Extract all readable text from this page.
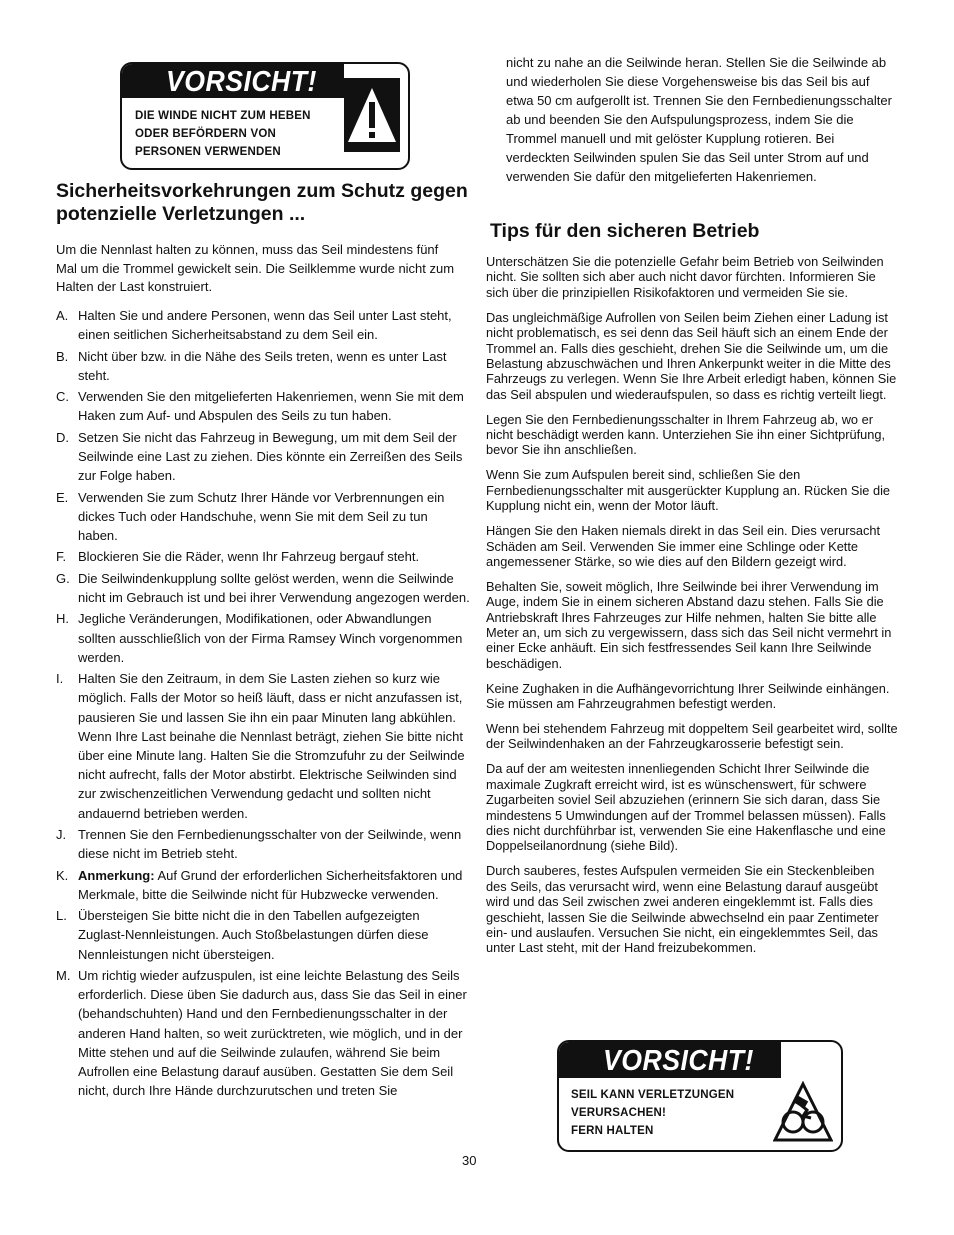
VORSICHT!
DIE WINDE NICHT ZUM HEBEN
ODER BEFÖRDERN VON
PERSONEN VERWENDEN
Sicherheitsvorkehrungen zum Schutz gegen
potenzielle Verletzungen ...

Um die Nennlast halten zu können, muss das Seil mindestens fünf Mal um die Trommel gewickelt sein. Die Seilklemme wurde nicht zum Halten der Last konstruiert.

A. Halten Sie und andere Personen, wenn das Seil unter Last steht, einen seitlichen Sicherheitsabstand zu dem Seil ein.
B. Nicht über bzw. in die Nähe des Seils treten, wenn es unter Last steht.
C. Verwenden Sie den mitgelieferten Hakenriemen, wenn Sie mit dem Haken zum Auf- und Abspulen des Seils zu tun haben.
D. Setzen Sie nicht das Fahrzeug in Bewegung, um mit dem Seil der Seilwinde eine Last zu ziehen. Dies könnte ein Zerreißen des Seils zur Folge haben.
E. Verwenden Sie zum Schutz Ihrer Hände vor Verbrennungen ein dickes Tuch oder Handschuhe, wenn Sie mit dem Seil zu tun haben.
F. Blockieren Sie die Räder, wenn Ihr Fahrzeug bergauf steht.
G. Die Seilwindenkupplung sollte gelöst werden, wenn die Seilwinde nicht im Gebrauch ist und bei ihrer Verwendung angezogen werden.
H. Jegliche Veränderungen, Modifikationen, oder Abwandlungen sollten ausschließlich von der Firma Ramsey Winch vorgenommen werden.
I. Halten Sie den Zeitraum, in dem Sie Lasten ziehen so kurz wie möglich. Falls der Motor so heiß läuft, dass er nicht anzufassen ist, pausieren Sie und lassen Sie ihn ein paar Minuten lang abkühlen. Wenn Ihre Last beinahe die Nennlast beträgt, ziehen Sie bitte nicht über eine Minute lang. Halten Sie die Stromzufuhr zu der Seilwinde nicht aufrecht, falls der Motor abstirbt. Elektrische Seilwinden sind zur zwischenzeitlichen Verwendung gedacht und sollten nicht andauernd betrieben werden.
J. Trennen Sie den Fernbedienungsschalter von der Seilwinde, wenn diese nicht im Betrieb steht.
K. Anmerkung: Auf Grund der erforderlichen Sicherheitsfaktoren und Merkmale, bitte die Seilwinde nicht für Hubzwecke verwenden.
L. Übersteigen Sie bitte nicht die in den Tabellen aufgezeigten Zuglast-Nennleistungen. Auch Stoßbelastungen dürfen diese Nennleistungen nicht übersteigen.
M. Um richtig wieder aufzuspulen, ist eine leichte Belastung des Seils erforderlich. Diese üben Sie dadurch aus, dass Sie das Seil in einer (behandschuhten) Hand und den Fernbedienungsschalter in der anderen Hand halten, so weit zurücktreten, wie möglich, und in der Mitte stehen und auf die Seilwinde zulaufen, während Sie beim Aufrollen eine Belastung darauf ausüben. Gestatten Sie dem Seil nicht, durch Ihre Hände durchzurutschen und treten Sie
nicht zu nahe an die Seilwinde heran. Stellen Sie die Seilwinde ab und wiederholen Sie diese Vorgehensweise bis das Seil bis auf etwa 50 cm aufgerollt ist. Trennen Sie den Fernbedienungsschalter ab und beenden Sie den Aufspulungsprozess, indem Sie die Trommel manuell und mit gelöster Kupplung rotieren. Bei verdeckten Seilwinden spulen Sie das Seil unter Strom auf und verwenden Sie dafür den mitgelieferten Hakenriemen.
Tips für den sicheren Betrieb

Unterschätzen Sie die potenzielle Gefahr beim Betrieb von Seilwinden nicht. Sie sollten sich aber auch nicht davor fürchten. Informieren Sie sich über die prinzipiellen Risikofaktoren und vermeiden Sie sie.

Das ungleichmäßige Aufrollen von Seilen beim Ziehen einer Ladung ist nicht problematisch, es sei denn das Seil häuft sich an einem Ende der Trommel an. Falls dies geschieht, drehen Sie die Seilwinde um, um die Belastung abzuschwächen und Ihren Ankerpunkt weiter in die Mitte des Fahrzeugs zu verlegen. Wenn Sie Ihre Arbeit erledigt haben, können Sie das Seil abspulen und wiederaufspulen, so dass es richtig verteilt liegt.

Legen Sie den Fernbedienungsschalter in Ihrem Fahrzeug ab, wo er nicht beschädigt werden kann. Unterziehen Sie ihn einer Sichtprüfung, bevor Sie ihn anschließen.

Wenn Sie zum Aufspulen bereit sind, schließen Sie den Fernbedienungsschalter mit ausgerückter Kupplung an. Rücken Sie die Kupplung nicht ein, wenn der Motor läuft.

Hängen Sie den Haken niemals direkt in das Seil ein. Dies verursacht Schäden am Seil. Verwenden Sie immer eine Schlinge oder Kette angemessener Stärke, so wie dies auf den Bildern gezeigt wird.

Behalten Sie, soweit möglich, Ihre Seilwinde bei ihrer Verwendung im Auge, indem Sie in einem sicheren Abstand dazu stehen. Falls Sie die Antriebskraft Ihres Fahrzeuges zur Hilfe nehmen, halten Sie bitte alle Meter an, um sich zu vergewissern, dass sich das Seil nicht vermehrt in einer Ecke anhäuft. Ein sich festfressendes Seil kann Ihre Seilwinde beschädigen.

Keine Zughaken in die Aufhängevorrichtung Ihrer Seilwinde einhängen. Sie müssen am Fahrzeugrahmen befestigt werden.

Wenn bei stehendem Fahrzeug mit doppeltem Seil gearbeitet wird, sollte der Seilwindenhaken an der Fahrzeugkarosserie befestigt sein.

Da auf der am weitesten innenliegenden Schicht Ihrer Seilwinde die maximale Zugkraft erreicht wird, ist es wünschenswert, für schwere Zugarbeiten soviel Seil abzuziehen (erinnern Sie sich daran, dass Sie mindestens 5 Umwindungen auf der Trommel belassen müssen). Falls dies nicht durchführbar ist, verwenden Sie eine Hakenflasche und eine Doppelseilanordnung (siehe Bild).

Durch sauberes, festes Aufspulen vermeiden Sie ein Steckenbleiben des Seils, das verursacht wird, wenn eine Belastung darauf ausgeübt wird und das Seil zwischen zwei anderen eingeklemmt ist. Falls dies geschieht, lassen Sie die Seilwinde abwechselnd ein paar Zentimeter ein- und auslaufen. Versuchen Sie nicht, ein eingeklemmtes Seil, das unter Last steht, mit der Hand freizubekommen.

VORSICHT!
SEIL KANN VERLETZUNGEN
VERURSACHEN!
FERN HALTEN
30
